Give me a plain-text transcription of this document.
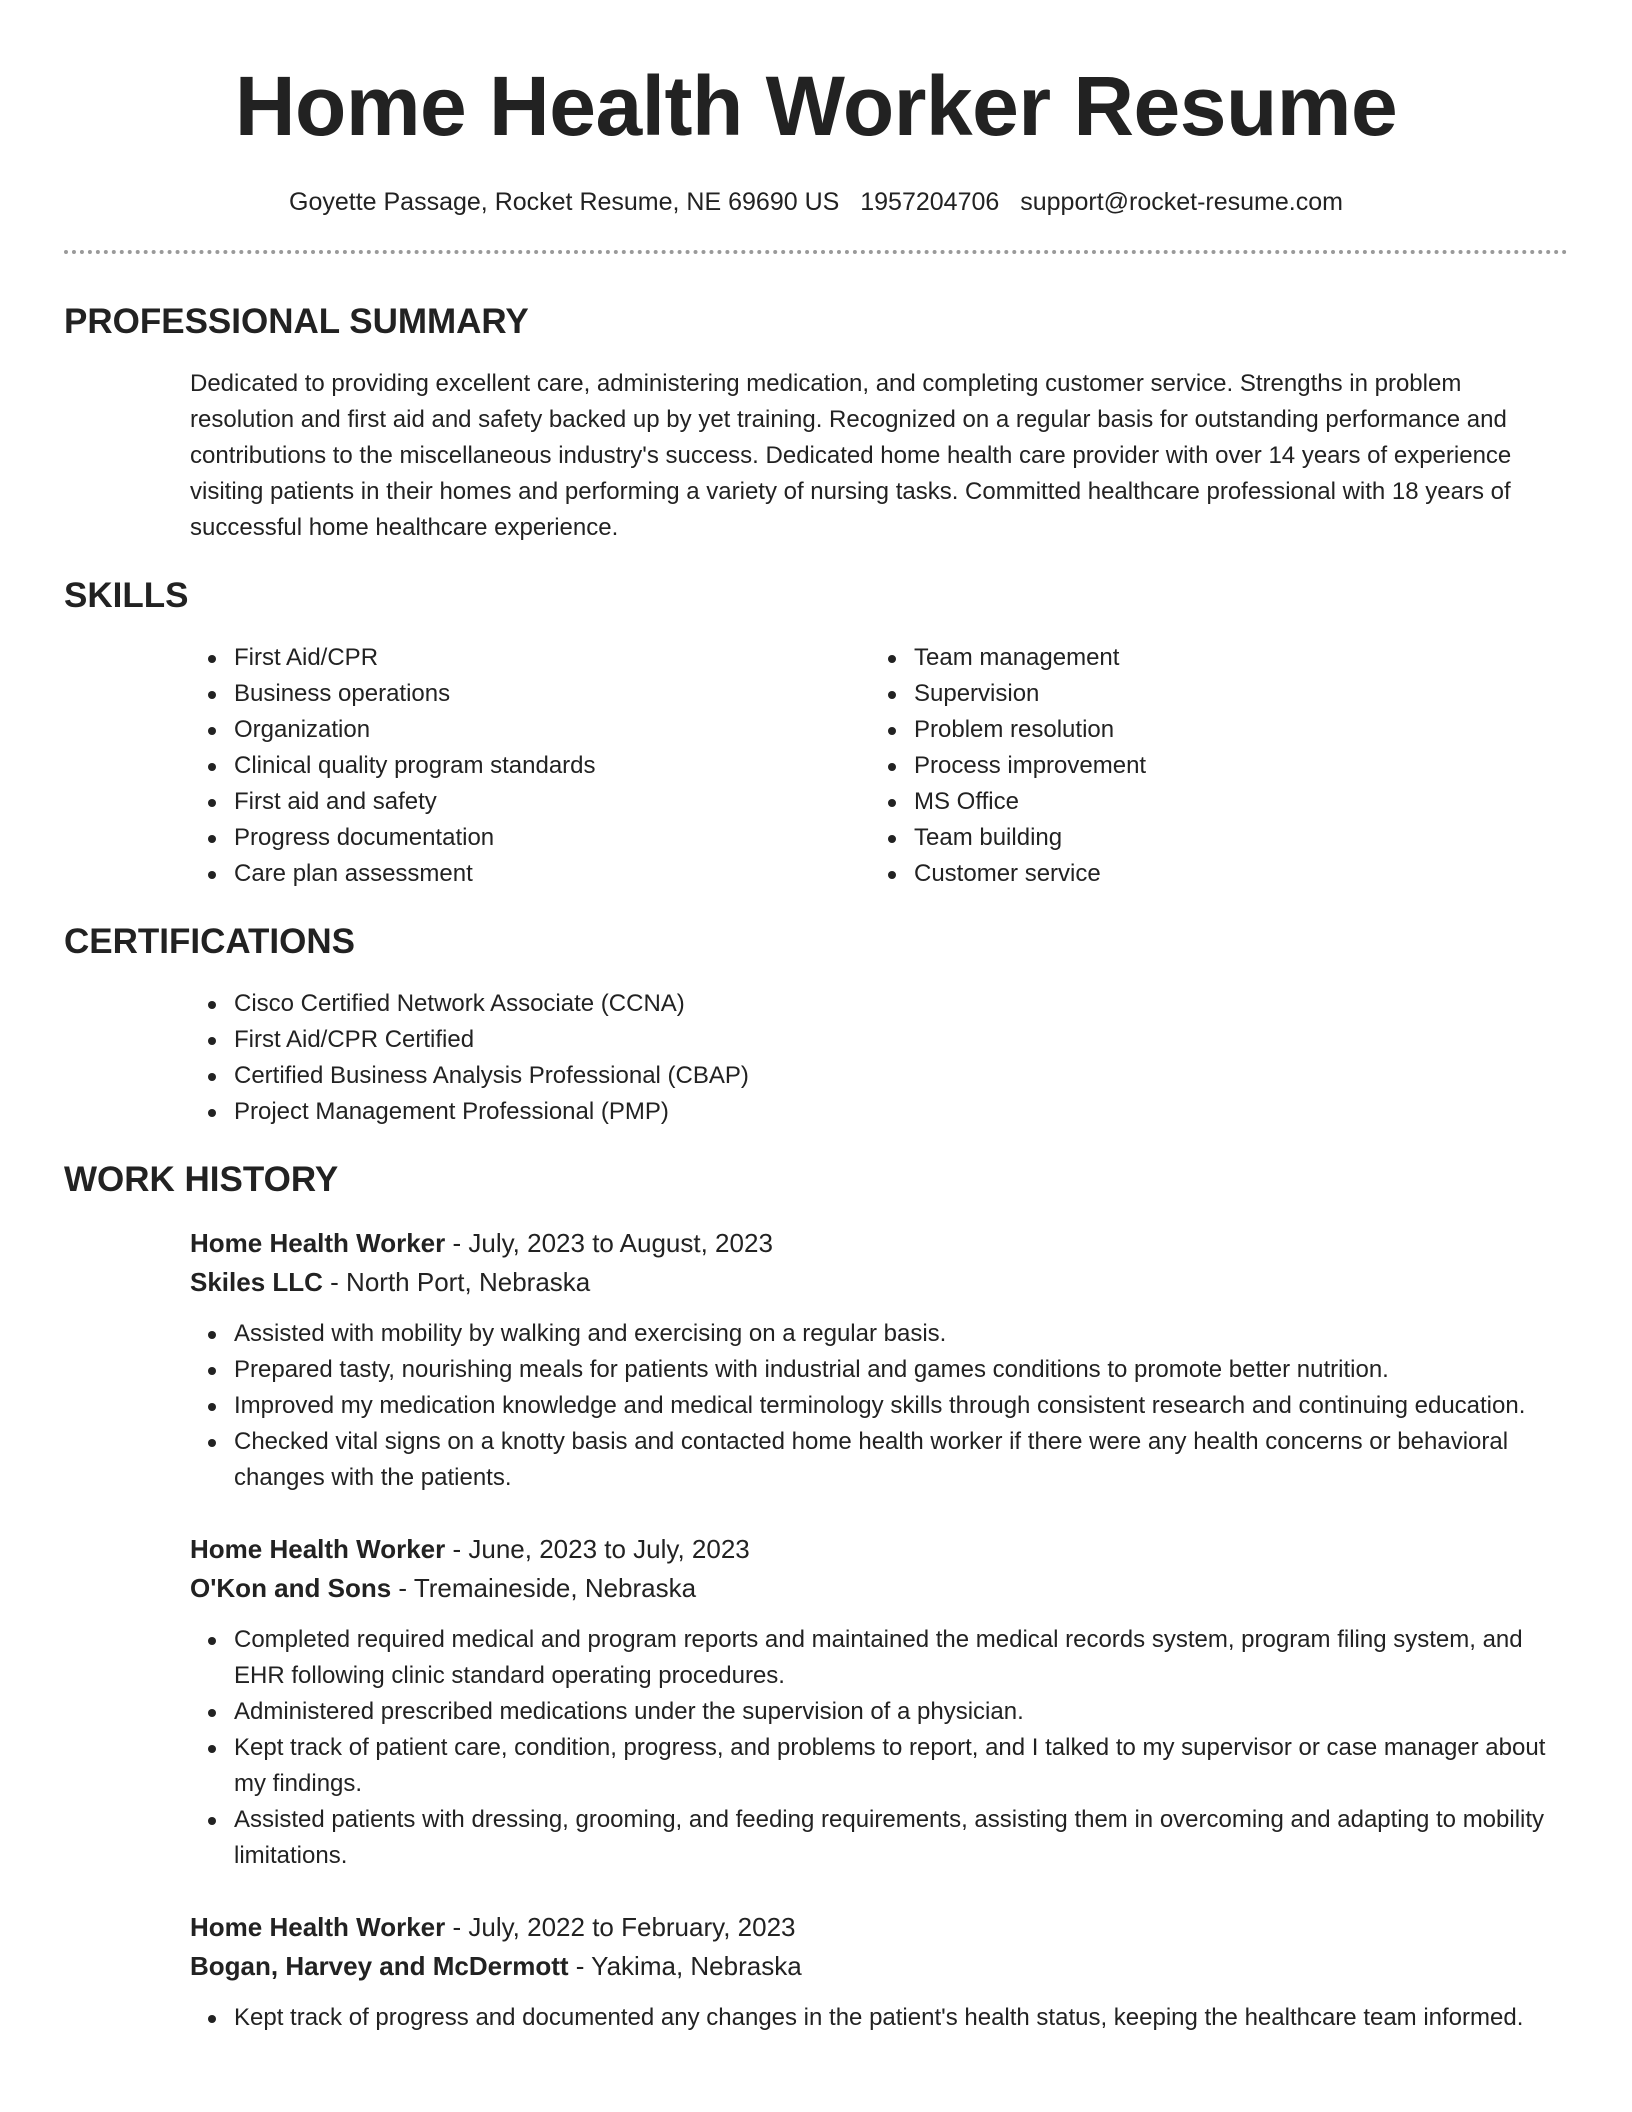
Home Health Worker Resume
Goyette Passage, Rocket Resume, NE 69690 US 1957204706 support@rocket-resume.com
PROFESSIONAL SUMMARY

Dedicated to providing excellent care, administering medication, and completing customer service. Strengths in problem resolution and first aid and safety backed up by yet training. Recognized on a regular basis for outstanding performance and contributions to the miscellaneous industry's success. Dedicated home health care provider with over 14 years of experience visiting patients in their homes and performing a variety of nursing tasks. Committed healthcare professional with 18 years of successful home healthcare experience.

SKILLS
First Aid/CPR
Business operations
Organization
Clinical quality program standards
First aid and safety
Progress documentation
Care plan assessment
Team management
Supervision
Problem resolution
Process improvement
MS Office
Team building
Customer service
CERTIFICATIONS
Cisco Certified Network Associate (CCNA)
First Aid/CPR Certified
Certified Business Analysis Professional (CBAP)
Project Management Professional (PMP)
WORK HISTORY
Home Health Worker - July, 2023 to August, 2023
Skiles LLC - North Port, Nebraska
Assisted with mobility by walking and exercising on a regular basis.
Prepared tasty, nourishing meals for patients with industrial and games conditions to promote better nutrition.
Improved my medication knowledge and medical terminology skills through consistent research and continuing education.
Checked vital signs on a knotty basis and contacted home health worker if there were any health concerns or behavioral changes with the patients.
Home Health Worker - June, 2023 to July, 2023
O'Kon and Sons - Tremaineside, Nebraska
Completed required medical and program reports and maintained the medical records system, program filing system, and EHR following clinic standard operating procedures.
Administered prescribed medications under the supervision of a physician.
Kept track of patient care, condition, progress, and problems to report, and I talked to my supervisor or case manager about my findings.
Assisted patients with dressing, grooming, and feeding requirements, assisting them in overcoming and adapting to mobility limitations.
Home Health Worker - July, 2022 to February, 2023
Bogan, Harvey and McDermott - Yakima, Nebraska
Kept track of progress and documented any changes in the patient's health status, keeping the healthcare team informed.
